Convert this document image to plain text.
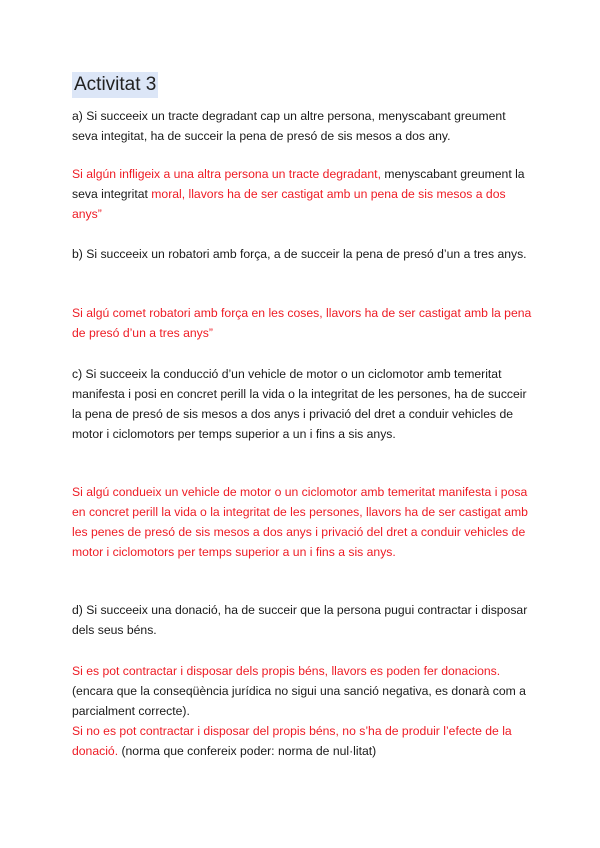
Activitat 3

a) Si succeeix un tracte degradant cap un altre persona, menyscabant greument seva integitat, ha de succeir la pena de presó de sis mesos a dos any.

Si algún infligeix a una altra persona un tracte degradant, menyscabant greument la seva integritat moral, llavors ha de ser castigat amb un pena de sis mesos a dos anys”

b) Si succeeix un robatori amb força, a de succeir la pena de presó d’un a tres anys.

Si algú comet robatori amb força en les coses, llavors ha de ser castigat amb la pena de presó d’un a tres anys”

c) Si succeeix la conducció d’un vehicle de motor o un ciclomotor amb temeritat manifesta i posi en concret perill la vida o la integritat de les persones, ha de succeir la pena de presó de sis mesos a dos anys i privació del dret a conduir vehicles de motor i ciclomotors per temps superior a un i fins a sis anys.

Si algú condueix un vehicle de motor o un ciclomotor amb temeritat manifesta i posa en concret perill la vida o la integritat de les persones, llavors ha de ser castigat amb les penes de presó de sis mesos a dos anys i privació del dret a conduir vehicles de motor i ciclomotors per temps superior a un i fins a sis anys.

d) Si succeeix una donació, ha de succeir que la persona pugui contractar i disposar dels seus béns.

Si es pot contractar i disposar dels propis béns, llavors es poden fer donacions.

(encara que la conseqüència jurídica no sigui una sanció negativa, es donarà com a parcialment correcte).

Si no es pot contractar i disposar del propis béns, no s’ha de produir l’efecte de la donació. (norma que confereix poder: norma de nul·litat)
